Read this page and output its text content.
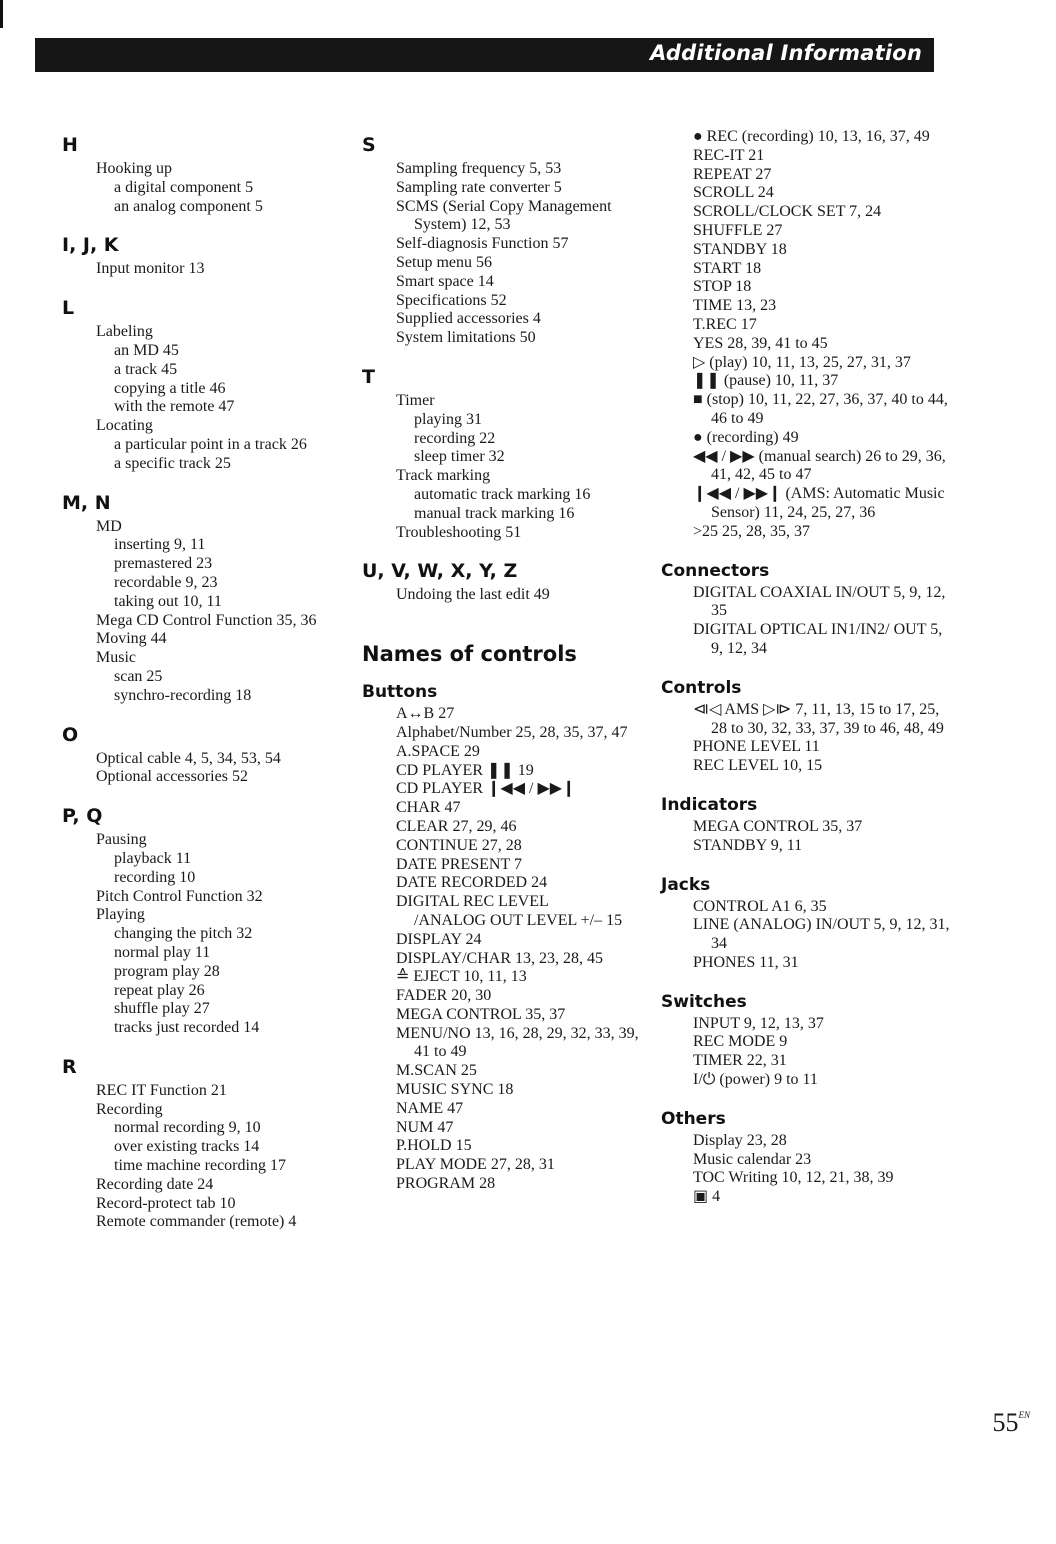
Additional Information
H
Hooking up
a digital component 5
an analog component 5
I, J, K
Input monitor 13
L
Labeling
an MD 45
a track 45
copying a title 46
with the remote 47
Locating
a particular point in a track 26
a specific track 25
M, N
MD
inserting 9, 11
premastered 23
recordable 9, 23
taking out 10, 11
Mega CD Control Function 35, 36
Moving 44
Music
scan 25
synchro-recording 18
O
Optical cable 4, 5, 34, 53, 54
Optional accessories 52
P, Q
Pausing
playback 11
recording 10
Pitch Control Function 32
Playing
changing the pitch 32
normal play 11
program play 28
repeat play 26
shuffle play 27
tracks just recorded 14
R
REC IT Function 21
Recording
normal recording 9, 10
over existing tracks 14
time machine recording 17
Recording date 24
Record-protect tab 10
Remote commander (remote) 4
S
Sampling frequency 5, 53
Sampling rate converter 5
SCMS (Serial Copy Management System) 12, 53
Self-diagnosis Function 57
Setup menu 56
Smart space 14
Specifications 52
Supplied accessories 4
System limitations 50
T
Timer
playing 31
recording 22
sleep timer 32
Track marking
automatic track marking 16
manual track marking 16
Troubleshooting 51
U, V, W, X, Y, Z
Undoing the last edit 49
Names of controls
Buttons
A↔B 27
Alphabet/Number 25, 28, 35, 37, 47
A.SPACE 29
CD PLAYER ❚❚ 19
CD PLAYER ❙◀◀ / ▶▶❙
CHAR 47
CLEAR 27, 29, 46
CONTINUE 27, 28
DATE PRESENT 7
DATE RECORDED 24
DIGITAL REC LEVEL
/ANALOG OUT LEVEL +/– 15
DISPLAY 24
DISPLAY/CHAR 13, 23, 28, 45
≙ EJECT 10, 11, 13
FADER 20, 30
MEGA CONTROL 35, 37
MENU/NO 13, 16, 28, 29, 32, 33, 39, 41 to 49
M.SCAN 25
MUSIC SYNC 18
NAME 47
NUM 47
P.HOLD 15
PLAY MODE 27, 28, 31
PROGRAM 28
● REC (recording) 10, 13, 16, 37, 49
REC-IT 21
REPEAT 27
SCROLL 24
SCROLL/CLOCK SET 7, 24
SHUFFLE 27
STANDBY 18
START 18
STOP 18
TIME 13, 23
T.REC 17
YES 28, 39, 41 to 45
▷ (play) 10, 11, 13, 25, 27, 31, 37
❚❚ (pause) 10, 11, 37
■ (stop) 10, 11, 22, 27, 36, 37, 40 to 44, 46 to 49
● (recording) 49
◀◀ / ▶▶ (manual search) 26 to 29, 36, 41, 42, 45 to 47
❙◀◀ / ▶▶❙ (AMS: Automatic Music Sensor) 11, 24, 25, 27, 36
>25 25, 28, 35, 37
Connectors
DIGITAL COAXIAL IN/OUT 5, 9, 12, 35
DIGITAL OPTICAL IN1/IN2/ OUT 5, 9, 12, 34
Controls
⧏◁ AMS ▷⧐ 7, 11, 13, 15 to 17, 25, 28 to 30, 32, 33, 37, 39 to 46, 48, 49
PHONE LEVEL 11
REC LEVEL 10, 15
Indicators
MEGA CONTROL 35, 37
STANDBY 9, 11
Jacks
CONTROL A1 6, 35
LINE (ANALOG) IN/OUT 5, 9, 12, 31, 34
PHONES 11, 31
Switches
INPUT 9, 12, 13, 37
REC MODE 9
TIMER 22, 31
I/⏻ (power) 9 to 11
Others
Display 23, 28
Music calendar 23
TOC Writing 10, 12, 21, 38, 39
▣ 4
$55^{EN}$
